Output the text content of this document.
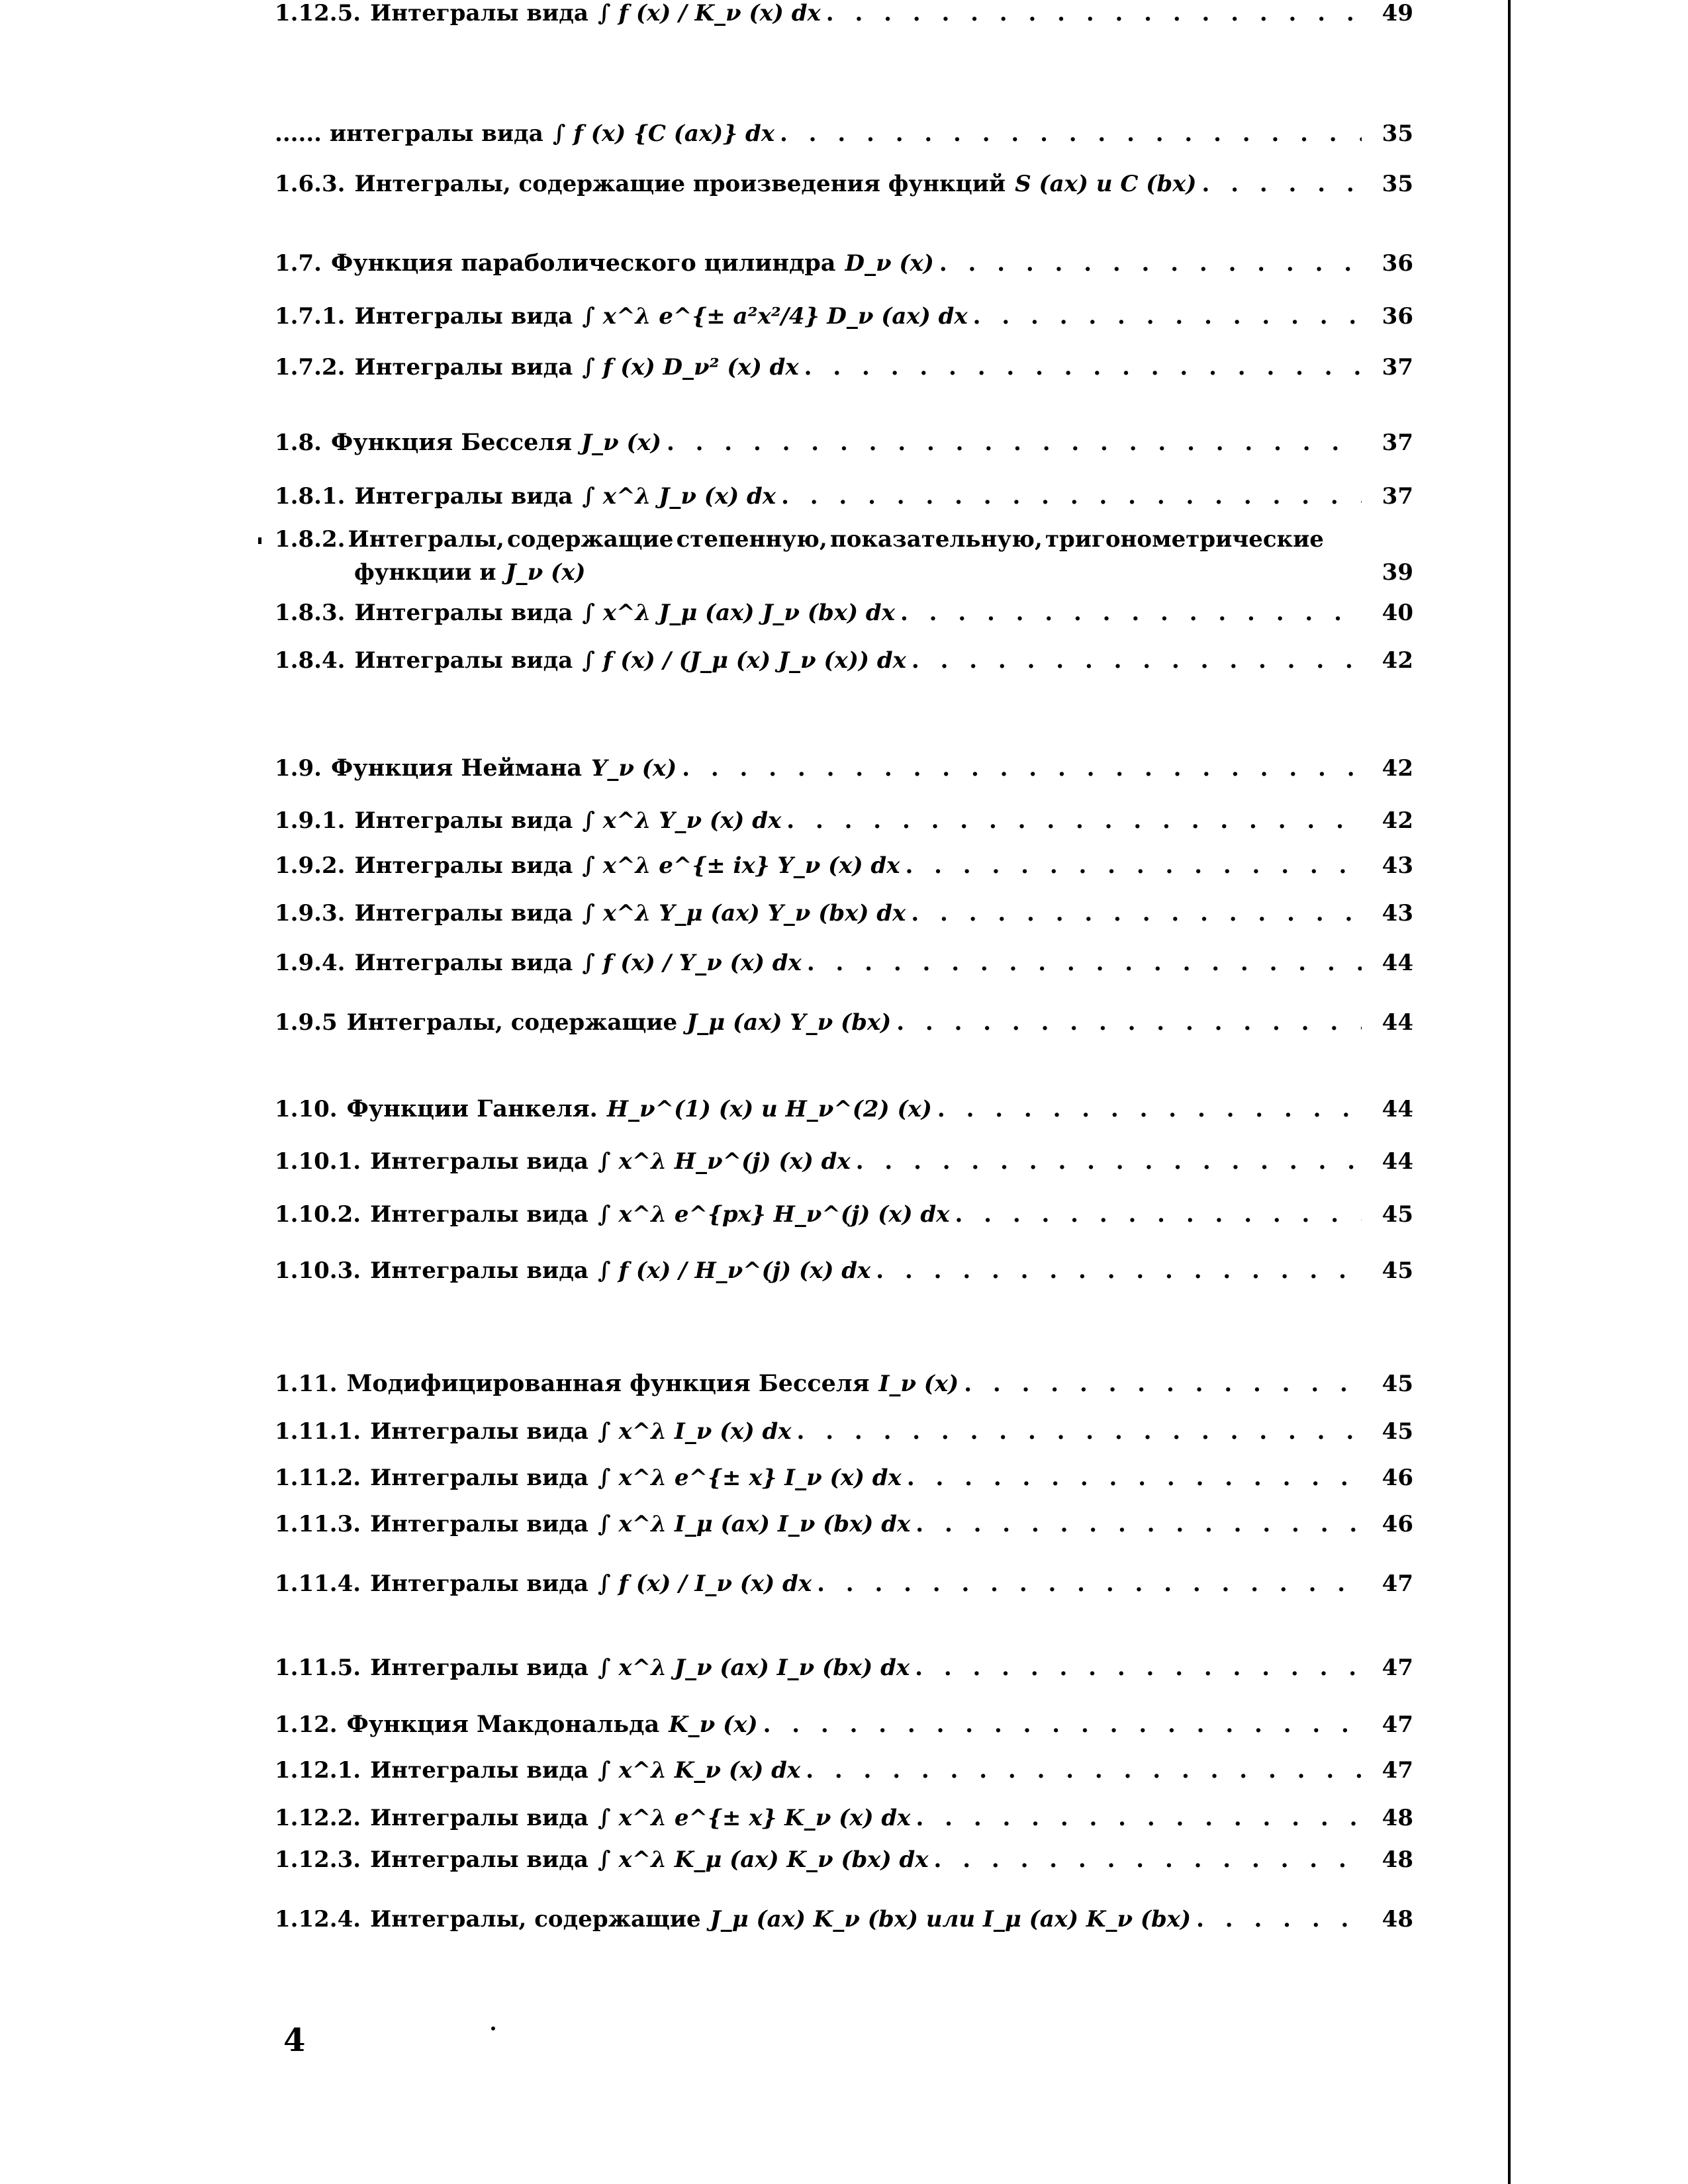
...... интегралы вида ∫ f (x) {C (ax)} dx . . .	35
1.6.3. Интегралы, содержащие произведения функций S (ax) и C (bx) . . .	35
1.7. Функция параболического цилиндра D_ν (x) . . .	36
1.7.1. Интегралы вида ∫ x^λ e^{± a²x²/4} D_ν (ax) dx . . .	36
1.7.2. Интегралы вида ∫ f (x) D_ν² (x) dx . . .	37
1.8. Функция Бесселя J_ν (x) . . .	37
1.8.1. Интегралы вида ∫ x^λ J_ν (x) dx . . .	37
1.8.2. Интегралы, содержащие степенную, показательную, тригонометрические
функции и J_ν (x)	39
1.8.3. Интегралы вида ∫ x^λ J_μ (ax) J_ν (bx) dx . . .	40
1.8.4. Интегралы вида ∫ f (x) / (J_μ (x) J_ν (x)) dx . . .	42
1.9. Функция Неймана Y_ν (x) . . .	42
1.9.1. Интегралы вида ∫ x^λ Y_ν (x) dx . . .	42
1.9.2. Интегралы вида ∫ x^λ e^{± ix} Y_ν (x) dx . . .	43
1.9.3. Интегралы вида ∫ x^λ Y_μ (ax) Y_ν (bx) dx . . .	43
1.9.4. Интегралы вида ∫ f (x) / Y_ν (x) dx . . .	44
1.9.5 Интегралы, содержащие J_μ (ax) Y_ν (bx) . . .	44
1.10. Функции Ганкеля. H_ν^(1) (x) и H_ν^(2) (x) . . .	44
1.10.1. Интегралы вида ∫ x^λ H_ν^(j) (x) dx . . .	44
1.10.2. Интегралы вида ∫ x^λ e^{px} H_ν^(j) (x) dx . . .	45
1.10.3. Интегралы вида ∫ f (x) / H_ν^(j) (x) dx . . .	45
1.11. Модифицированная функция Бесселя I_ν (x) . . .	45
1.11.1. Интегралы вида ∫ x^λ I_ν (x) dx . . .	45
1.11.2. Интегралы вида ∫ x^λ e^{± x} I_ν (x) dx . . .	46
1.11.3. Интегралы вида ∫ x^λ I_μ (ax) I_ν (bx) dx . . .	46
1.11.4. Интегралы вида ∫ f (x) / I_ν (x) dx . . .	47
1.11.5. Интегралы вида ∫ x^λ J_ν (ax) I_ν (bx) dx . . .	47
1.12. Функция Макдональда K_ν (x) . . .	47
1.12.1. Интегралы вида ∫ x^λ K_ν (x) dx . . .	47
1.12.2. Интегралы вида ∫ x^λ e^{± x} K_ν (x) dx . . .	48
1.12.3. Интегралы вида ∫ x^λ K_μ (ax) K_ν (bx) dx . . .	48
1.12.4. Интегралы, содержащие J_μ (ax) K_ν (bx) или I_μ (ax) K_ν (bx) . . .	48
1.12.5. Интегралы вида ∫ f (x) / K_ν (x) dx . . .	49
4
